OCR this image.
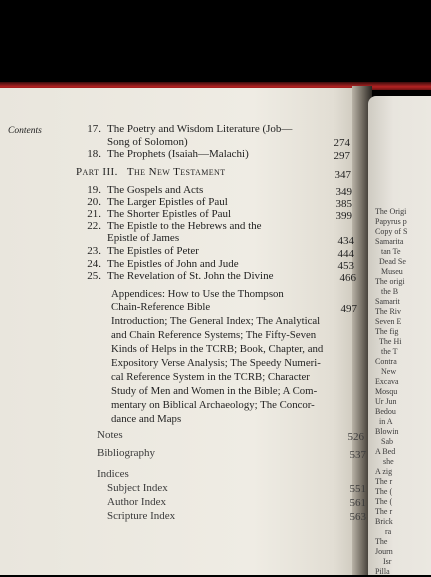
Contents	17. The Poetry and Wisdom Literature (Job—
Song of Solomon)	274
18. The Prophets (Isaiah—Malachi)	297
Part III. The New Testament	347
19. The Gospels and Acts	349
20. The Larger Epistles of Paul	385
21. The Shorter Epistles of Paul	399
22. The Epistle to the Hebrews and the
Epistle of James	434
23. The Epistles of Peter	444
24. The Epistles of John and Jude	453
25. The Revelation of St. John the Divine	466
Appendices: How to Use the Thompson
Chain-Reference Bible	497
Introduction; The General Index; The Analytical
and Chain Reference Systems; The Fifty-Seven
Kinds of Helps in the TCRB; Book, Chapter, and
Expository Verse Analysis; The Speedy Numeri-
cal Reference System in the TCRB; Character
Study of Men and Women in the Bible; A Com-
mentary on Biblical Archaeology; The Concor-
dance and Maps
Notes	526
Bibliography	537
Indices
Subject Index	551
Author Index	561
Scripture Index	563
The Origi
Papyrus p
Copy of S
Samarita
tan Te
Dead Se
Museu
The origi
the B
Samarit
The Riv
Seven E
The fig
The Hi
the T
Contra
New
Excava
Mosqu
Ur Jun
Bedou
in A
Blowin
Sab
A Bed
she
A zig
The r
The (
The (
The r
Brick
ra
The
Journ
Isr
Pilla
